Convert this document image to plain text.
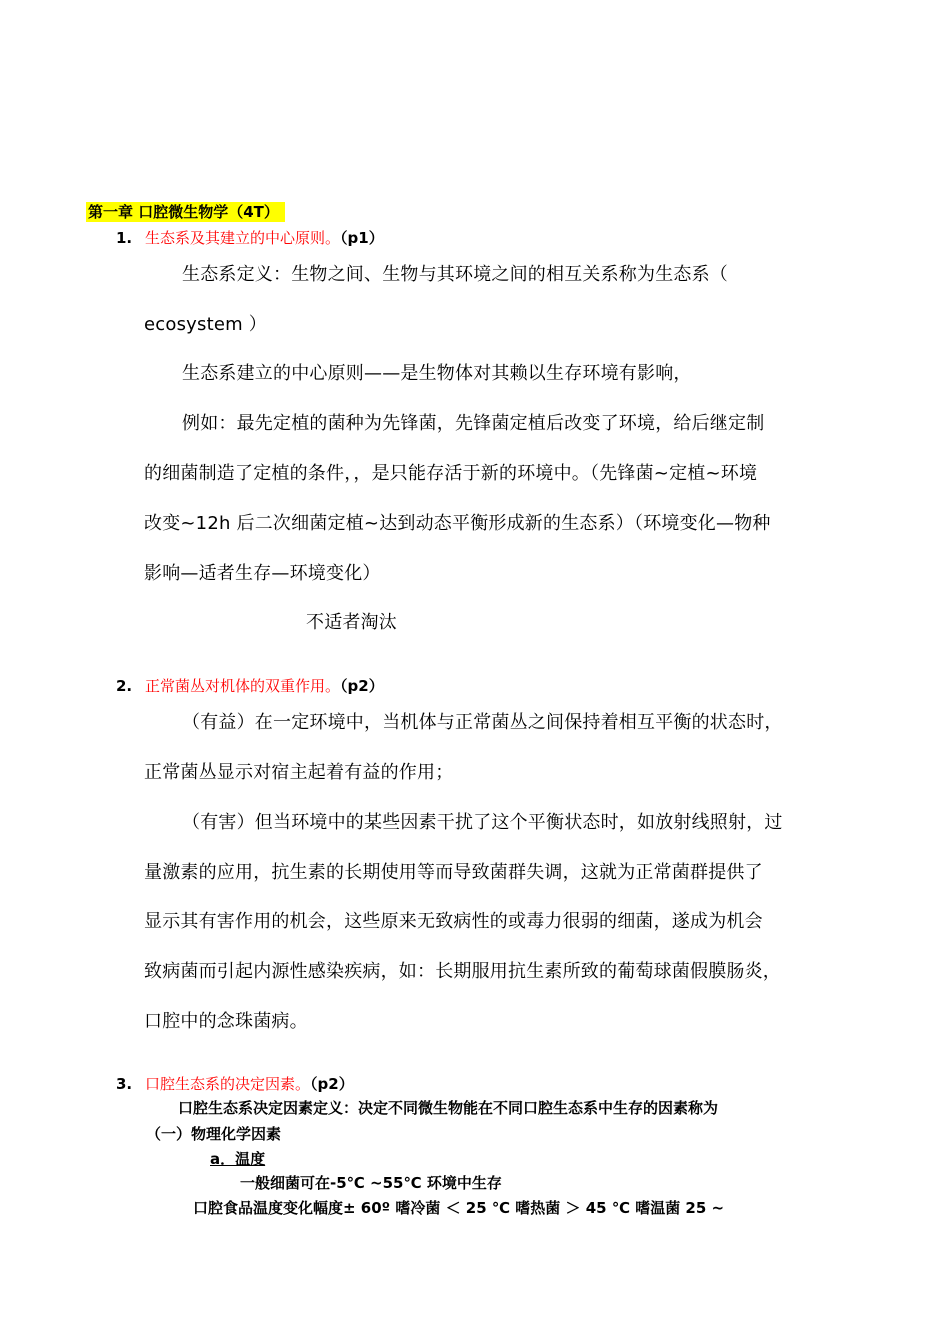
第一章 口腔微生物学（4T）
1. 生态系及其建立的中心原则。（p1）
生态系定义：生物之间、生物与其环境之间的相互关系称为生态系（
ecosystem ）
生态系建立的中心原则——是生物体对其赖以生存环境有影响，
例如：最先定植的菌种为先锋菌，先锋菌定植后改变了环境，给后继定制
的细菌制造了定植的条件，，是只能存活于新的环境中。（先锋菌~定植~环境
改变~12h 后二次细菌定植~达到动态平衡形成新的生态系）（环境变化—物种
影响—适者生存—环境变化）
不适者淘汰
2. 正常菌丛对机体的双重作用。（p2）
（有益）在一定环境中，当机体与正常菌丛之间保持着相互平衡的状态时，
正常菌丛显示对宿主起着有益的作用；
（有害）但当环境中的某些因素干扰了这个平衡状态时，如放射线照射，过
量激素的应用，抗生素的长期使用等而导致菌群失调，这就为正常菌群提供了
显示其有害作用的机会，这些原来无致病性的或毒力很弱的细菌，遂成为机会
致病菌而引起内源性感染疾病，如：长期服用抗生素所致的葡萄球菌假膜肠炎，
口腔中的念珠菌病。
3. 口腔生态系的决定因素。（p2）
口腔生态系决定因素定义：决定不同微生物能在不同口腔生态系中生存的因素称为
（一）物理化学因素
a．温度
一般细菌可在-5℃ ~55℃ 环境中生存
口腔食品温度变化幅度± 60º 嗜冷菌 ＜ 25 ℃ 嗜热菌 ＞ 45 ℃ 嗜温菌 25 ~
